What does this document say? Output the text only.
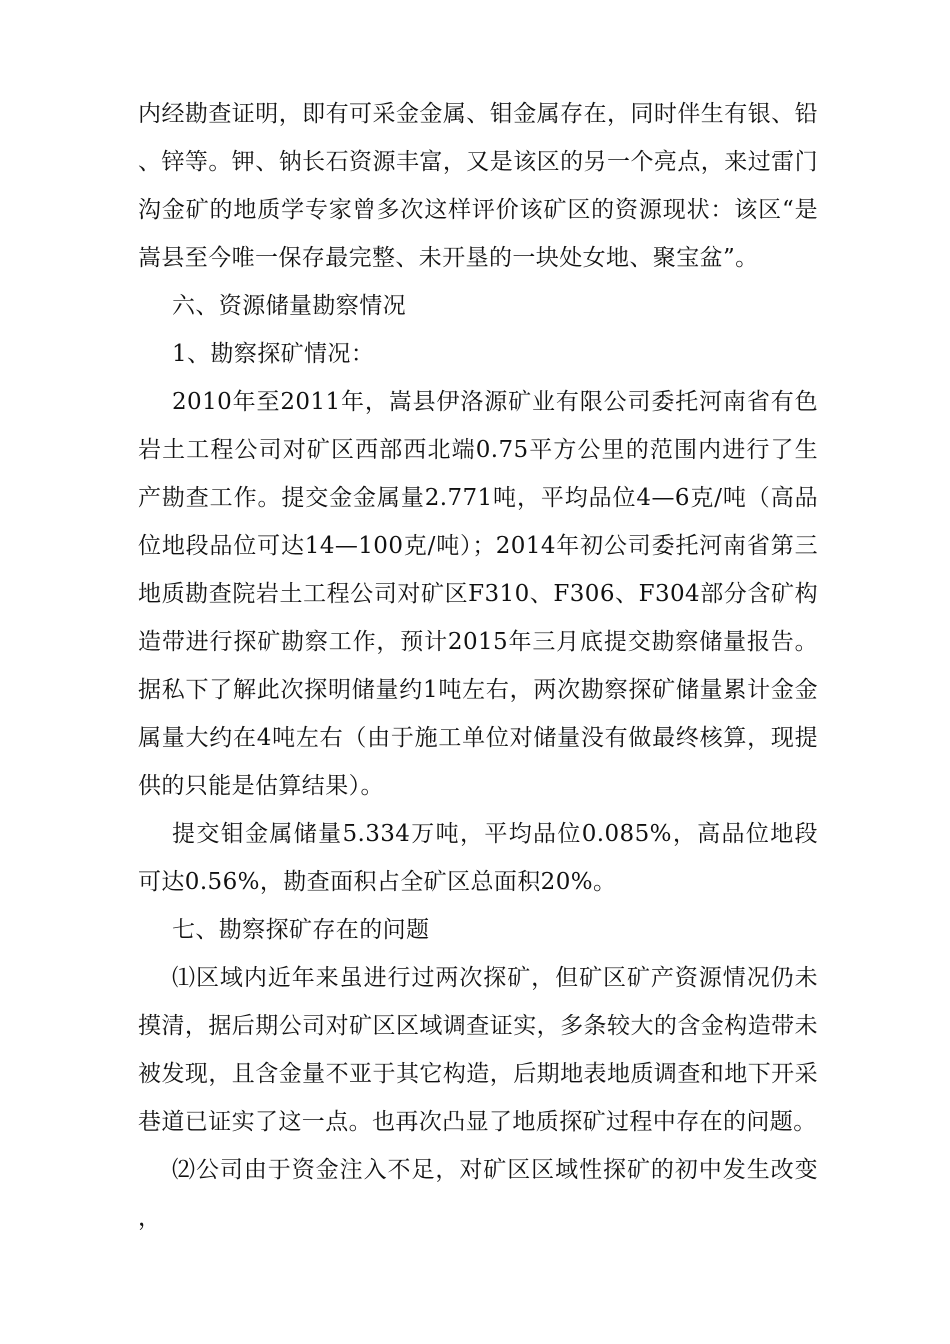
内经勘查证明，即有可采金金属、钼金属存在，同时伴生有银、铅、锌等。钾、钠长石资源丰富，又是该区的另一个亮点，来过雷门沟金矿的地质学专家曾多次这样评价该矿区的资源现状：该区“是嵩县至今唯一保存最完整、未开垦的一块处女地、聚宝盆”。

六、资源储量勘察情况
1、勘察探矿情况：

2010年至2011年，嵩县伊洛源矿业有限公司委托河南省有色岩土工程公司对矿区西部西北端0.75平方公里的范围内进行了生产勘查工作。提交金金属量2.771吨，平均品位4—6克/吨（高品位地段品位可达14—100克/吨）；2014年初公司委托河南省第三地质勘查院岩土工程公司对矿区F310、F306、F304部分含矿构造带进行探矿勘察工作，预计2015年三月底提交勘察储量报告。据私下了解此次探明储量约1吨左右，两次勘察探矿储量累计金金属量大约在4吨左右（由于施工单位对储量没有做最终核算，现提供的只能是估算结果）。

提交钼金属储量5.334万吨，平均品位0.085%，高品位地段可达0.56%，勘查面积占全矿区总面积20%。

七、勘察探矿存在的问题

⑴区域内近年来虽进行过两次探矿，但矿区矿产资源情况仍未摸清，据后期公司对矿区区域调查证实，多条较大的含金构造带未被发现，且含金量不亚于其它构造，后期地表地质调查和地下开采巷道已证实了这一点。也再次凸显了地质探矿过程中存在的问题。

⑵公司由于资金注入不足，对矿区区域性探矿的初中发生改变，
